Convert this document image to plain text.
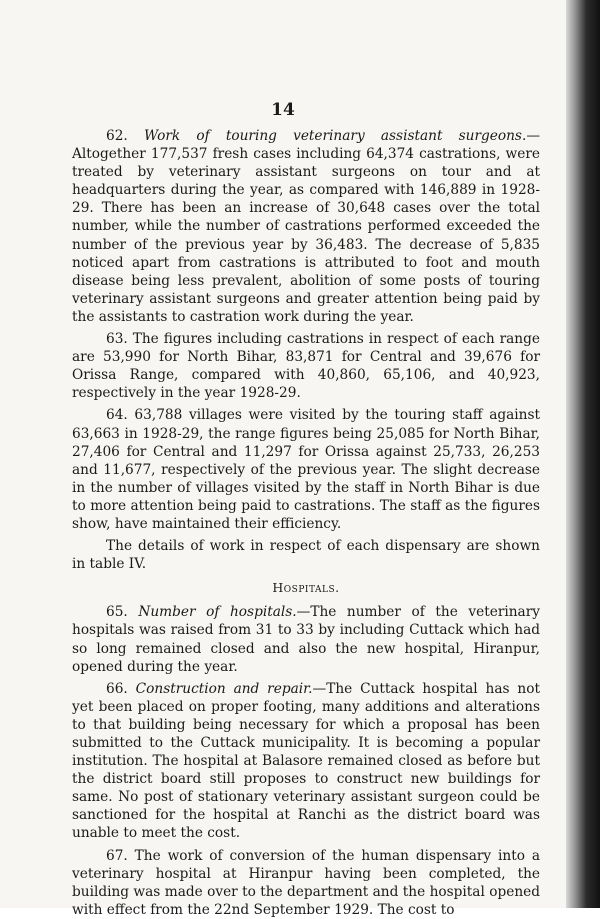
14

62. Work of touring veterinary assistant surgeons.—Altogether 177,537 fresh cases including 64,374 castrations, were treated by veterinary assistant surgeons on tour and at headquarters during the year, as compared with 146,889 in 1928-29. There has been an increase of 30,648 cases over the total number, while the number of castrations performed exceeded the number of the previous year by 36,483. The decrease of 5,835 noticed apart from castrations is attributed to foot and mouth disease being less prevalent, abolition of some posts of touring veterinary assistant surgeons and greater attention being paid by the assistants to castration work during the year.

63. The figures including castrations in respect of each range are 53,990 for North Bihar, 83,871 for Central and 39,676 for Orissa Range, compared with 40,860, 65,106, and 40,923, respectively in the year 1928-29.

64. 63,788 villages were visited by the touring staff against 63,663 in 1928-29, the range figures being 25,085 for North Bihar, 27,406 for Central and 11,297 for Orissa against 25,733, 26,253 and 11,677, respectively of the previous year. The slight decrease in the number of villages visited by the staff in North Bihar is due to more attention being paid to castrations. The staff as the figures show, have maintained their efficiency.

The details of work in respect of each dispensary are shown in table IV.

Hospitals.

65. Number of hospitals.—The number of the veterinary hospitals was raised from 31 to 33 by including Cuttack which had so long remained closed and also the new hospital, Hiranpur, opened during the year.

66. Construction and repair.—The Cuttack hospital has not yet been placed on proper footing, many additions and alterations to that building being necessary for which a proposal has been submitted to the Cuttack municipality. It is becoming a popular institution. The hospital at Balasore remained closed as before but the district board still proposes to construct new buildings for same. No post of stationary veterinary assistant surgeon could be sanctioned for the hospital at Ranchi as the district board was unable to meet the cost.

67. The work of conversion of the human dispensary into a veterinary hospital at Hiranpur having been completed, the building was made over to the department and the hospital opened with effect from the 22nd September 1929. The cost to
